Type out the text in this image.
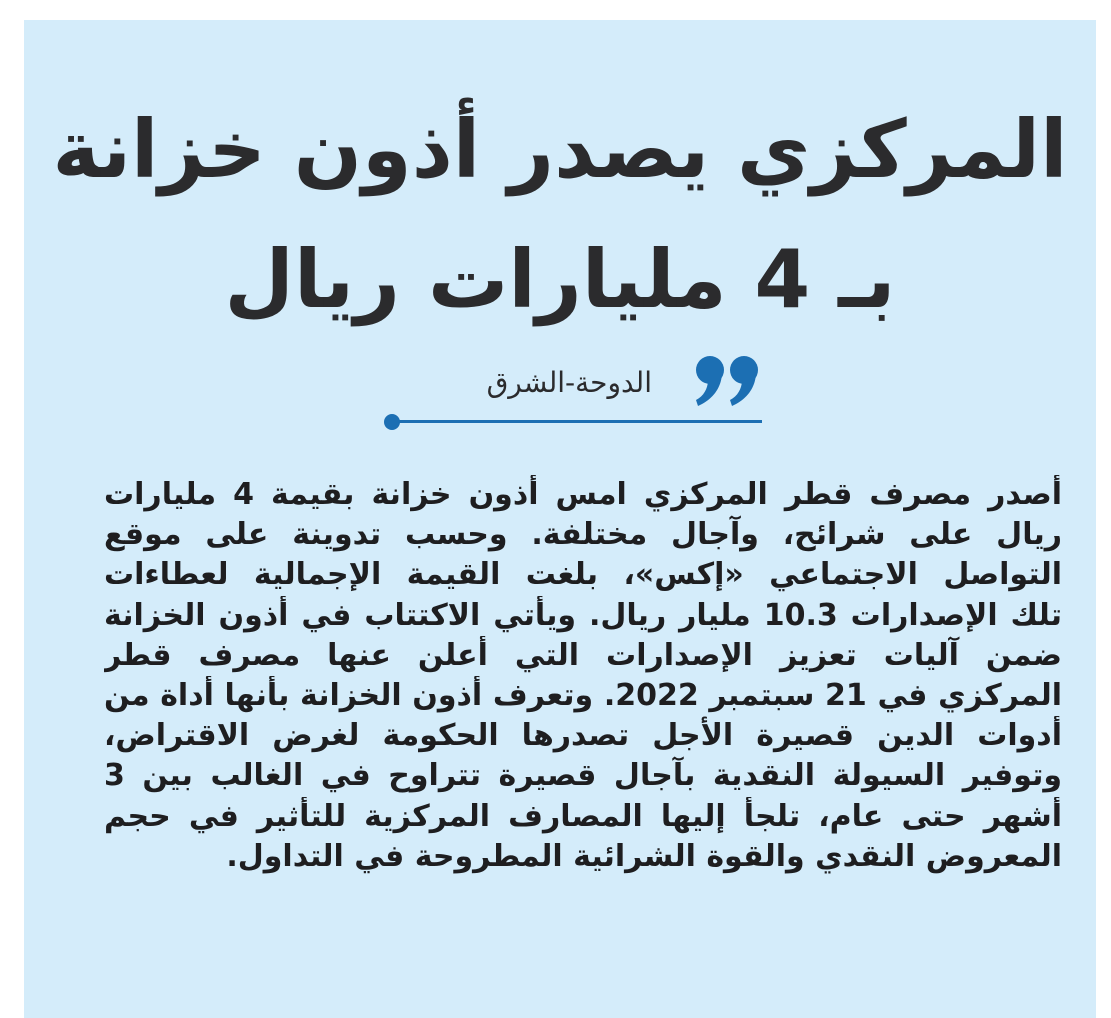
المركزي يصدر أذون خزانة
بـ 4 مليارات ريال
الدوحة-الشرق
أصدر مصرف قطر المركزي امس أذون خزانة بقيمة 4 مليارات
ريال على شرائح، وآجال مختلفة. وحسب تدوينة على موقع
التواصل الاجتماعي «إكس»، بلغت القيمة الإجمالية لعطاءات
تلك الإصدارات 10.3 مليار ريال. ويأتي الاكتتاب في أذون الخزانة
ضمن آليات تعزيز الإصدارات التي أعلن عنها مصرف قطر
المركزي في 21 سبتمبر 2022. وتعرف أذون الخزانة بأنها أداة من
أدوات الدين قصيرة الأجل تصدرها الحكومة لغرض الاقتراض،
وتوفير السيولة النقدية بآجال قصيرة تتراوح في الغالب بين 3
أشهر حتى عام، تلجأ إليها المصارف المركزية للتأثير في حجم
المعروض النقدي والقوة الشرائية المطروحة في التداول.
